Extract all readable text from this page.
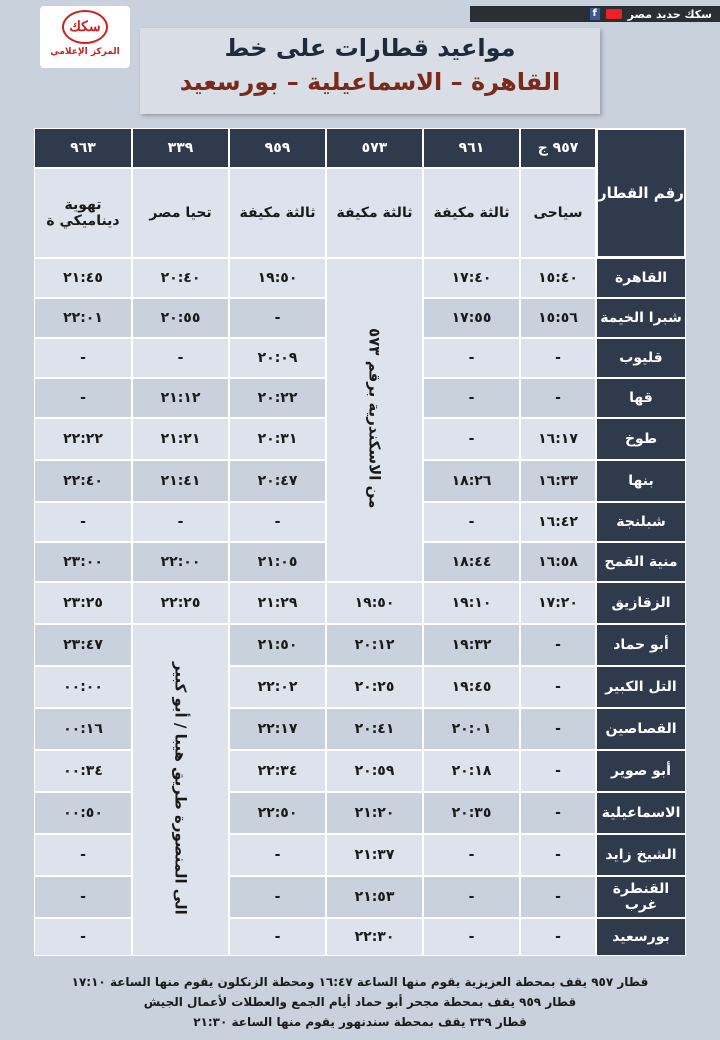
f	سكك حديد مصر
ﺳﻜﻚ
المركز الإعلامي	مواعيد قطارات على خط
القاهرة – الاسماعيلية – بورسعيد
٩٦٣	٣٣٩	٩٥٩	٥٧٣	٩٦١	٩٥٧ ج	رقم القطار
تهوية ديناميكي ة	تحيا مصر	ثالثة مكيفة	ثالثة مكيفة	ثالثة مكيفة	سياحى	
٢١:٤٥	٢٠:٤٠	١٩:٥٠	من الاسكندرية برقم ٥٧٣	١٧:٤٠	١٥:٤٠	القاهرة
٢٢:٠١	٢٠:٥٥	-		١٧:٥٥	١٥:٥٦	شبرا الخيمة
-	-	٢٠:٠٩		-	-	قليوب
-	٢١:١٢	٢٠:٢٢		-	-	قها
٢٢:٢٢	٢١:٢١	٢٠:٣١		-	١٦:١٧	طوخ
٢٢:٤٠	٢١:٤١	٢٠:٤٧		١٨:٢٦	١٦:٣٣	بنها
-	-	-		-	١٦:٤٢	شبلنجة
٢٣:٠٠	٢٢:٠٠	٢١:٠٥		١٨:٤٤	١٦:٥٨	منية القمح
٢٣:٢٥	٢٢:٢٥	٢١:٢٩	١٩:٥٠	١٩:١٠	١٧:٢٠	الزقازيق
٢٣:٤٧	الى المنصورة طريق هيبا / أبو كبير	٢١:٥٠	٢٠:١٢	١٩:٣٢	-	أبو حماد
٠٠:٠٠		٢٢:٠٢	٢٠:٢٥	١٩:٤٥	-	التل الكبير
٠٠:١٦		٢٢:١٧	٢٠:٤١	٢٠:٠١	-	القصاصين
٠٠:٣٤		٢٢:٣٤	٢٠:٥٩	٢٠:١٨	-	أبو صوير
٠٠:٥٠		٢٢:٥٠	٢١:٢٠	٢٠:٣٥	-	الاسماعيلية
-		-	٢١:٣٧	-	-	الشيخ زايد
-		-	٢١:٥٣	-	-	القنطرة غرب
-		-	٢٢:٣٠	-	-	بورسعيد
قطار ٩٥٧ يقف بمحطة العزيزية يقوم منها الساعة ١٦:٤٧ ومحطة الزنكلون يقوم منها الساعة ١٧:١٠
قطار ٩٥٩ يقف بمحطة مجحر أبو حماد أيام الجمع والعطلات لأعمال الجيش
قطار ٣٣٩ يقف بمحطة سندنهور يقوم منها الساعة ٢١:٣٠
